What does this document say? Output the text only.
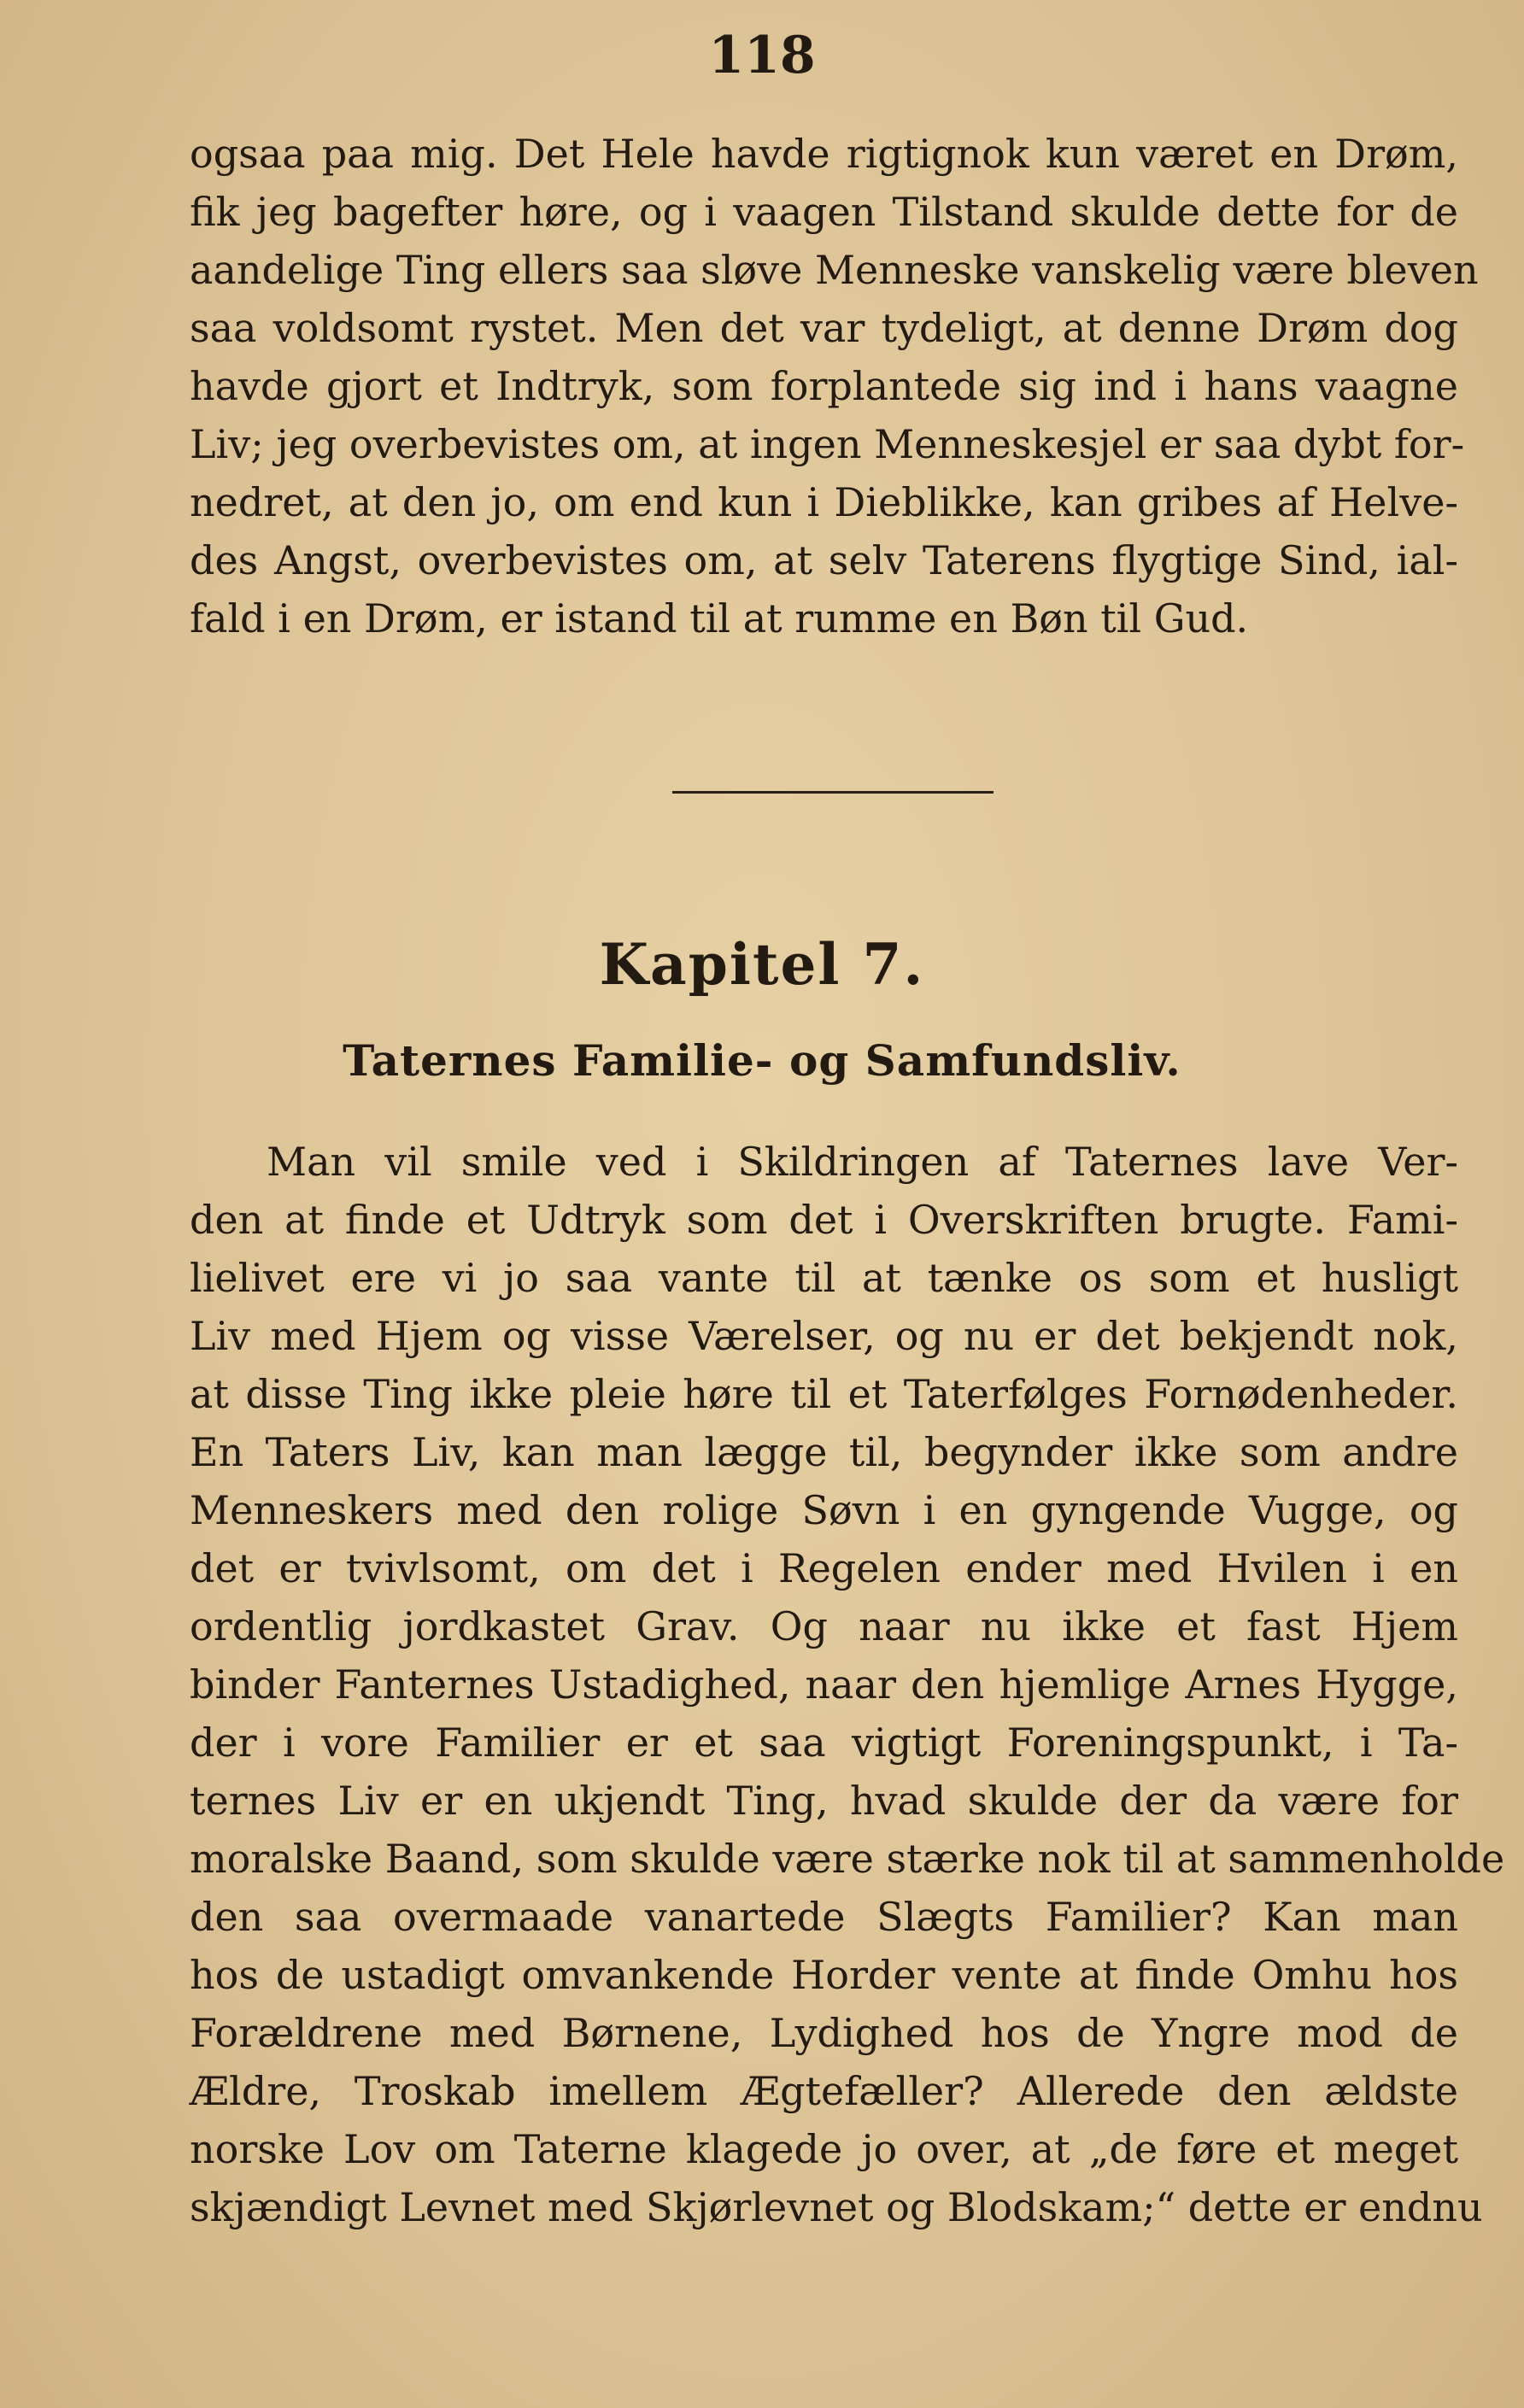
118
ogsaa paa mig. Det Hele havde rigtignok kun været en Drøm,
fik jeg bagefter høre, og i vaagen Tilstand skulde dette for de
aandelige Ting ellers saa sløve Menneske vanskelig være bleven
saa voldsomt rystet. Men det var tydeligt, at denne Drøm dog
havde gjort et Indtryk, som forplantede sig ind i hans vaagne
Liv; jeg overbevistes om, at ingen Menneskesjel er saa dybt for-
nedret, at den jo, om end kun i Dieblikke, kan gribes af Helve-
des Angst, overbevistes om, at selv Taterens flygtige Sind, ial-
fald i en Drøm, er istand til at rumme en Bøn til Gud.
Kapitel 7.
Taternes Familie- og Samfundsliv.
Man vil smile ved i Skildringen af Taternes lave Ver-
den at finde et Udtryk som det i Overskriften brugte. Fami-
lielivet ere vi jo saa vante til at tænke os som et husligt
Liv med Hjem og visse Værelser, og nu er det bekjendt nok,
at disse Ting ikke pleie høre til et Taterfølges Fornødenheder.
En Taters Liv, kan man lægge til, begynder ikke som andre
Menneskers med den rolige Søvn i en gyngende Vugge, og
det er tvivlsomt, om det i Regelen ender med Hvilen i en
ordentlig jordkastet Grav. Og naar nu ikke et fast Hjem
binder Fanternes Ustadighed, naar den hjemlige Arnes Hygge,
der i vore Familier er et saa vigtigt Foreningspunkt, i Ta-
ternes Liv er en ukjendt Ting, hvad skulde der da være for
moralske Baand, som skulde være stærke nok til at sammenholde
den saa overmaade vanartede Slægts Familier? Kan man
hos de ustadigt omvankende Horder vente at finde Omhu hos
Forældrene med Børnene, Lydighed hos de Yngre mod de
Ældre, Troskab imellem Ægtefæller? Allerede den ældste
norske Lov om Taterne klagede jo over, at „de føre et meget
skjændigt Levnet med Skjørlevnet og Blodskam;“ dette er endnu
